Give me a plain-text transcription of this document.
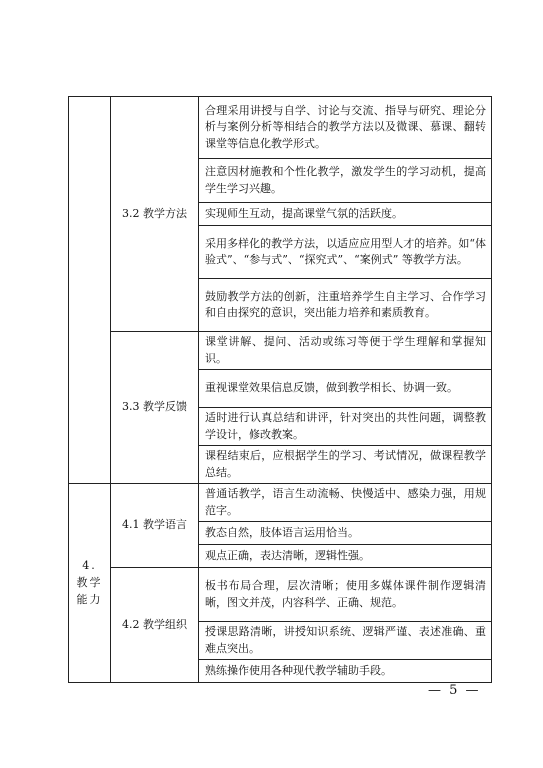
	3.2 教学方法	合理采用讲授与自学、讨论与交流、指导与研究、理论分析与案例分析等相结合的教学方法以及微课、慕课、翻转课堂等信息化教学形式。
		注意因材施教和个性化教学，激发学生的学习动机，提高学生学习兴趣。
		实现师生互动，提高课堂气氛的活跃度。
		采用多样化的教学方法，以适应应用型人才的培养。如“体验式”、“参与式”、“探究式”、“案例式” 等教学方法。
		鼓励教学方法的创新，注重培养学生自主学习、合作学习和自由探究的意识，突出能力培养和素质教育。
	3.3 教学反馈	课堂讲解、提问、活动或练习等便于学生理解和掌握知识。
		重视课堂效果信息反馈，做到教学相长、协调一致。
		适时进行认真总结和讲评，针对突出的共性问题，调整教学设计，修改教案。
		课程结束后，应根据学生的学习、考试情况，做课程教学总结。
4. 教学能力	4.1 教学语言	普通话教学，语言生动流畅、快慢适中、感染力强，用规范字。
		教态自然，肢体语言运用恰当。
		观点正确，表达清晰，逻辑性强。
	4.2 教学组织	板书布局合理，层次清晰；使用多媒体课件制作逻辑清晰，图文并茂，内容科学、正确、规范。
		授课思路清晰，讲授知识系统、逻辑严谨、表述准确、重难点突出。
		熟练操作使用各种现代教学辅助手段。
— 5 —
